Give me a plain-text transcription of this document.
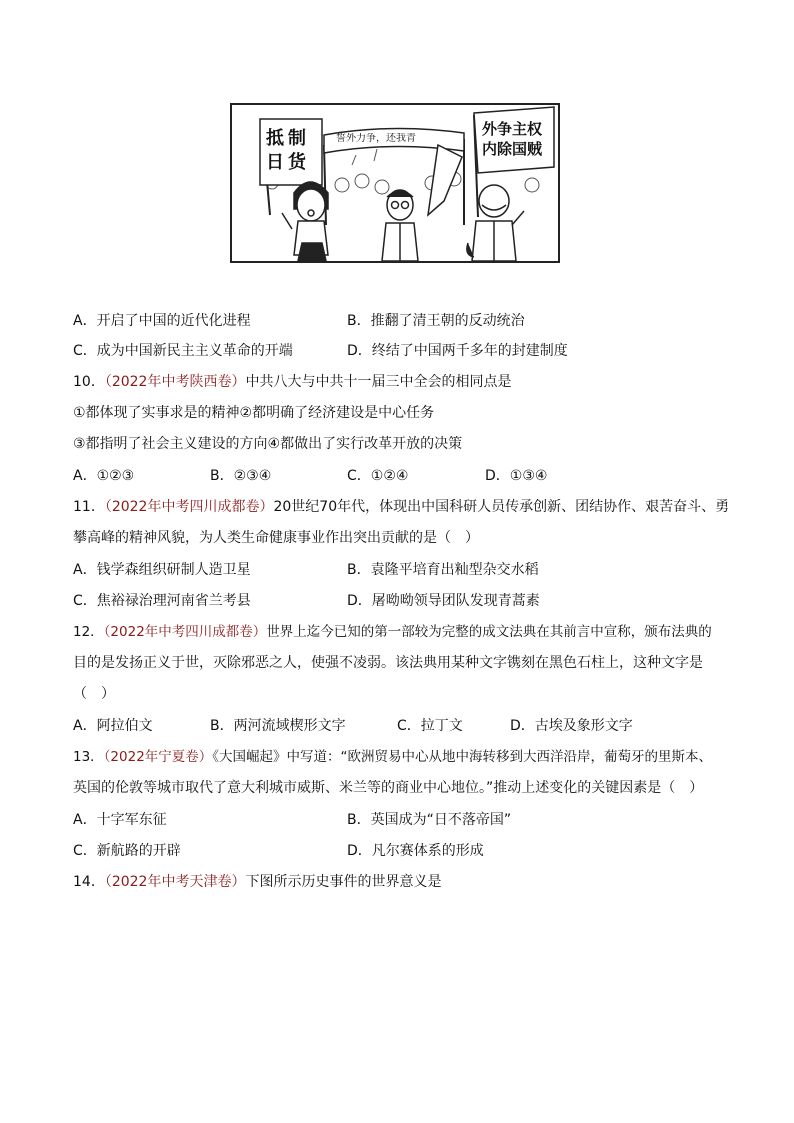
抵制日货
誓外力争，还我青
外争主权内除国贼
A．开启了中国的近代化进程	B．推翻了清王朝的反动统治
C．成为中国新民主主义革命的开端	D．终结了中国两千多年的封建制度
10．（2022年中考陕西卷）中共八大与中共十一届三中全会的相同点是
①都体现了实事求是的精神②都明确了经济建设是中心任务
③都指明了社会主义建设的方向④都做出了实行改革开放的决策
A．①②③	B．②③④	C．①②④	D．①③④
11．（2022年中考四川成都卷）20世纪70年代，体现出中国科研人员传承创新、团结协作、艰苦奋斗、勇
攀高峰的精神风貌，为人类生命健康事业作出突出贡献的是（　）
A．钱学森组织研制人造卫星	B．袁隆平培育出籼型杂交水稻
C．焦裕禄治理河南省兰考县	D．屠呦呦领导团队发现青蒿素
12．（2022年中考四川成都卷）世界上迄今已知的第一部较为完整的成文法典在其前言中宣称，颁布法典的
目的是发扬正义于世，灭除邪恶之人，使强不凌弱。该法典用某种文字镌刻在黑色石柱上，这种文字是
（　）
A．阿拉伯文	B．两河流域楔形文字	C．拉丁文	D．古埃及象形文字
13．（2022年宁夏卷）《大国崛起》中写道：“欧洲贸易中心从地中海转移到大西洋沿岸，葡萄牙的里斯本、
英国的伦敦等城市取代了意大利城市威斯、米兰等的商业中心地位。”推动上述变化的关键因素是（　）
A．十字军东征	B．英国成为“日不落帝国”
C．新航路的开辟	D．凡尔赛体系的形成
14．（2022年中考天津卷）下图所示历史事件的世界意义是
